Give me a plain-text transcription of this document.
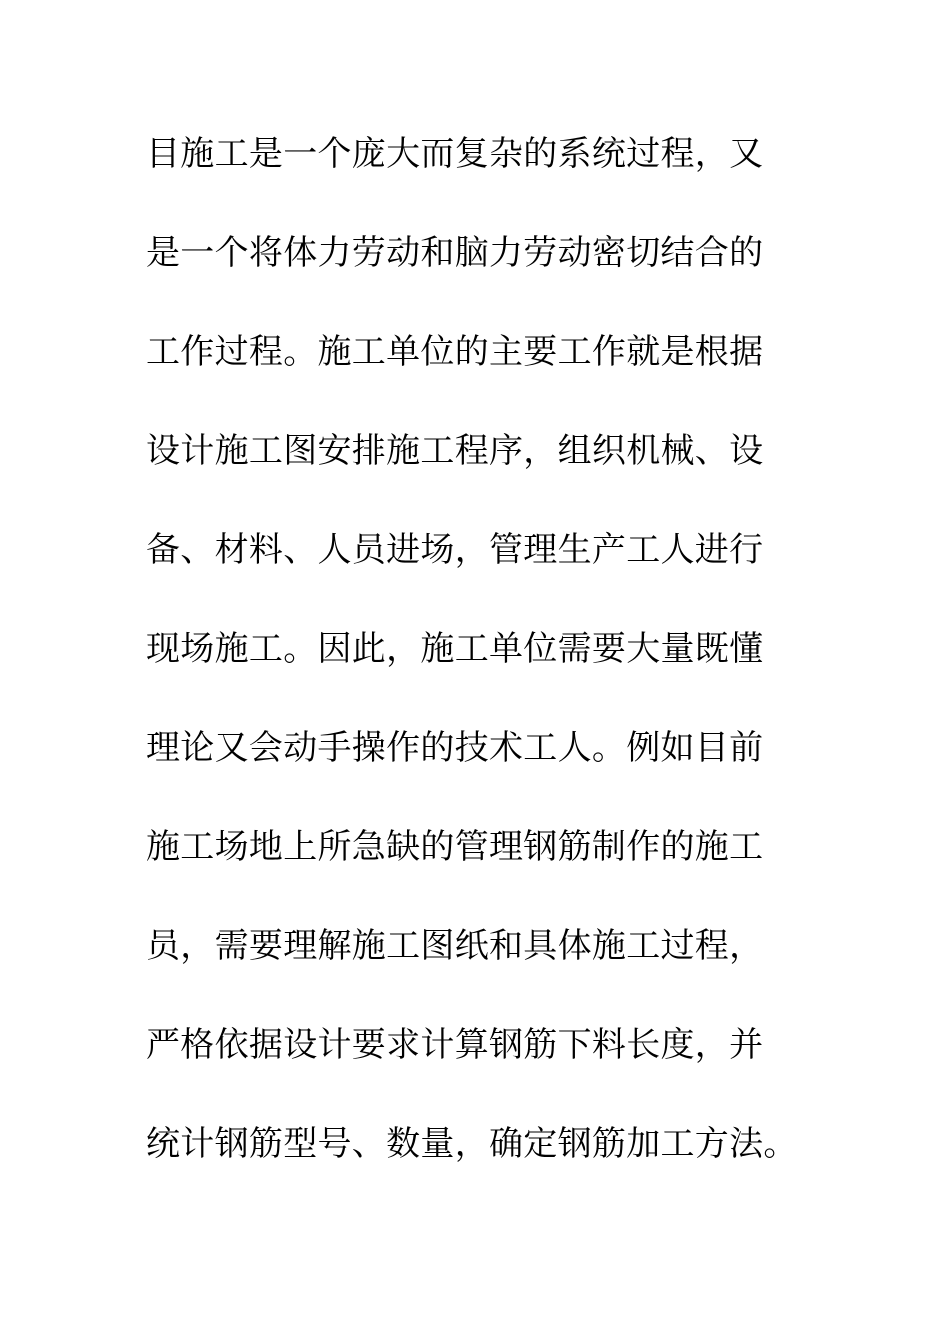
目施工是一个庞大而复杂的系统过程，又
是一个将体力劳动和脑力劳动密切结合的
工作过程。施工单位的主要工作就是根据
设计施工图安排施工程序，组织机械、设
备、材料、人员进场，管理生产工人进行
现场施工。因此，施工单位需要大量既懂
理论又会动手操作的技术工人。例如目前
施工场地上所急缺的管理钢筋制作的施工
员，需要理解施工图纸和具体施工过程，
严格依据设计要求计算钢筋下料长度，并
统计钢筋型号、数量，确定钢筋加工方法。
